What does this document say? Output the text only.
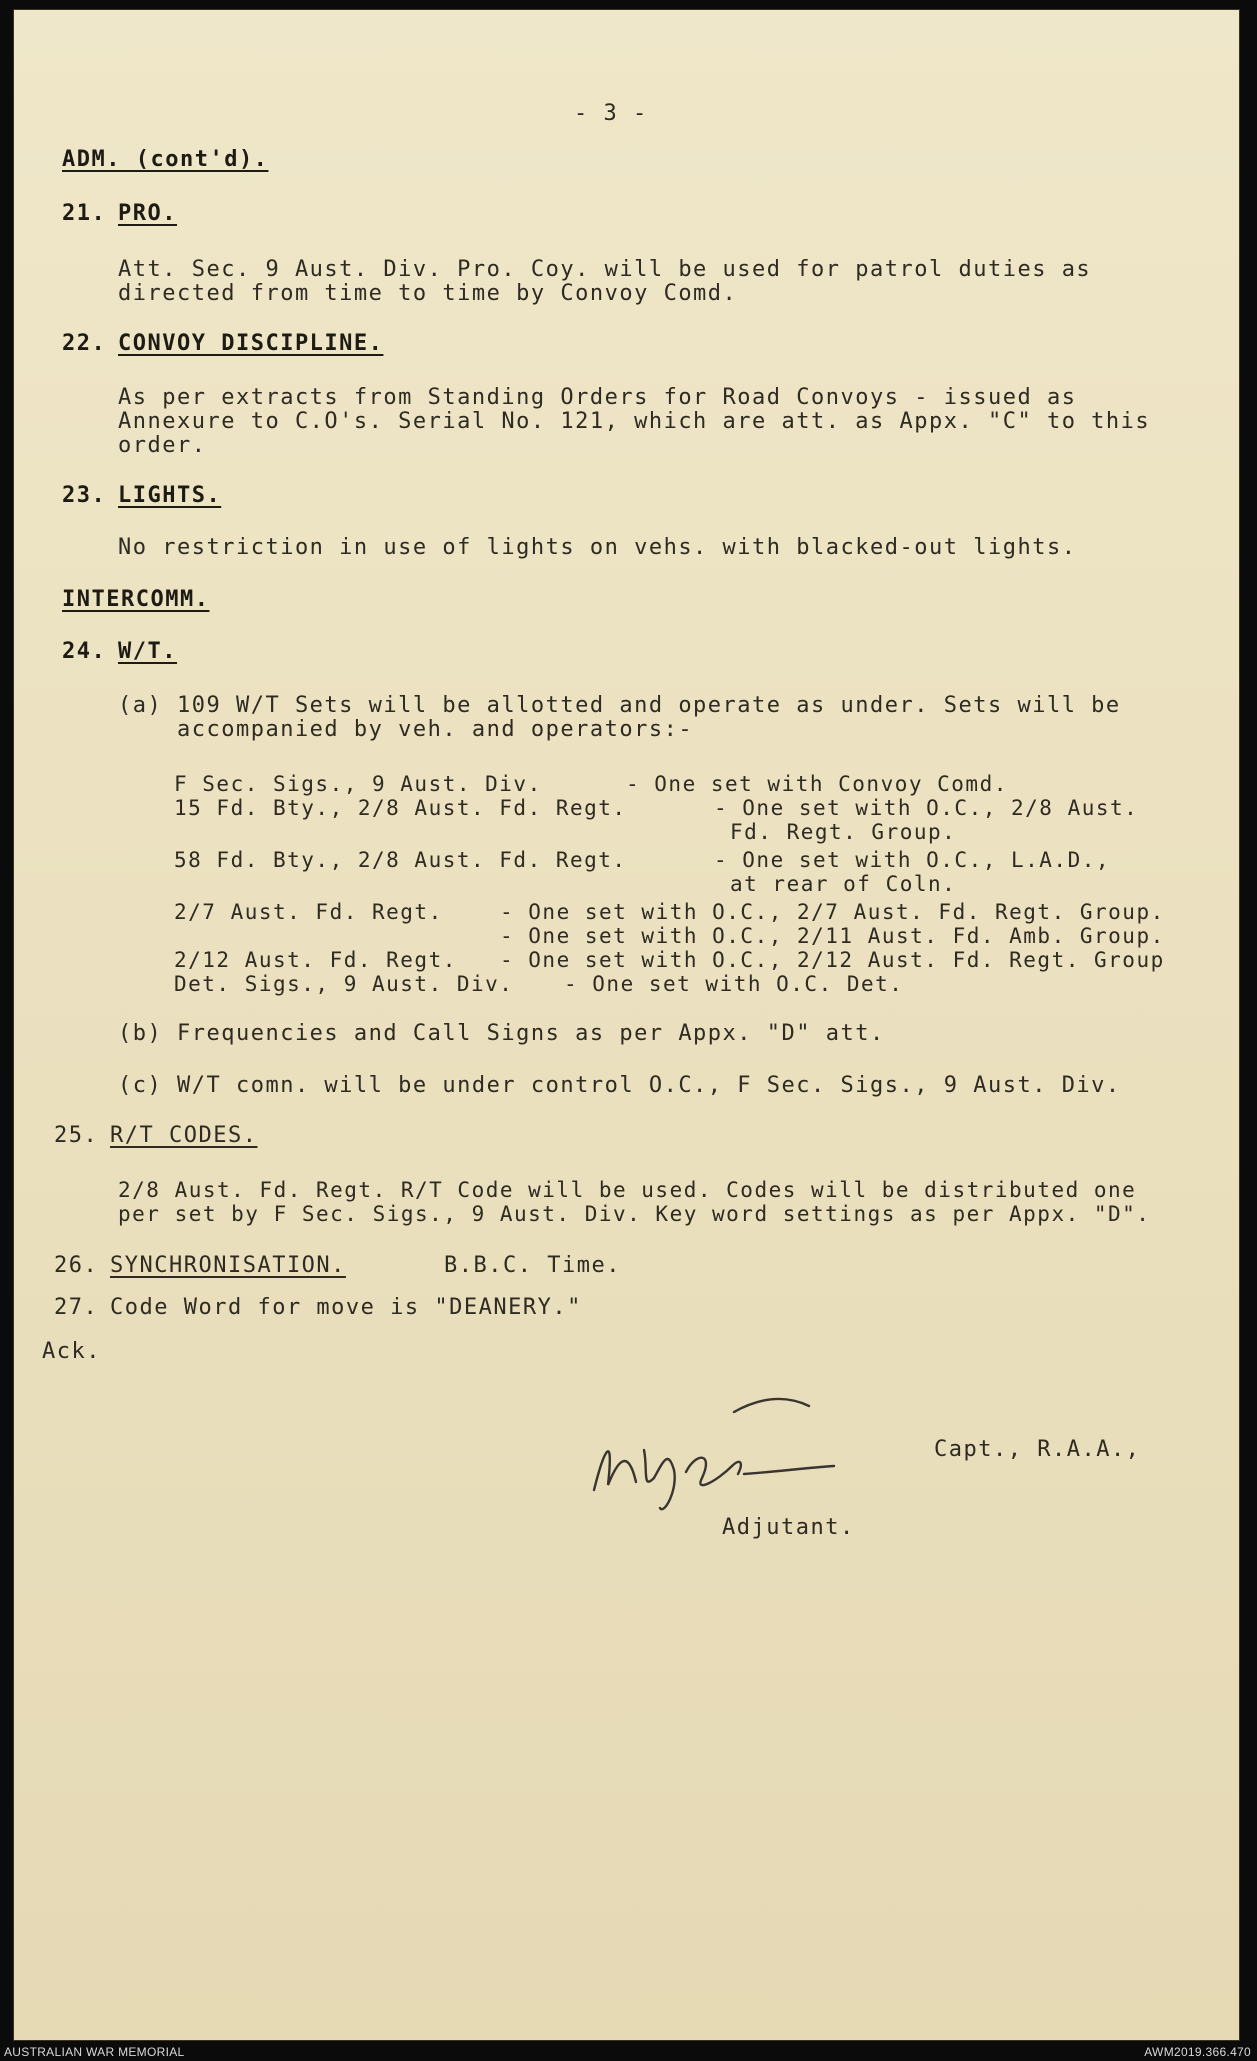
- 3 -

ADM. (cont'd).

21. PRO.

Att. Sec. 9 Aust. Div. Pro. Coy. will be used for patrol duties as

directed from time to time by Convoy Comd.

22. CONVOY DISCIPLINE.

As per extracts from Standing Orders for Road Convoys - issued as

Annexure to C.O's. Serial No. 121, which are att. as Appx. "C" to this

order.

23. LIGHTS.

No restriction in use of lights on vehs. with blacked-out lights.

INTERCOMM.

24. W/T.

(a) 109 W/T Sets will be allotted and operate as under. Sets will be

accompanied by veh. and operators:-

F Sec. Sigs., 9 Aust. Div.	- One set with Convoy Comd.

15 Fd. Bty., 2/8 Aust. Fd. Regt.	- One set with O.C., 2/8 Aust.

Fd. Regt. Group.

58 Fd. Bty., 2/8 Aust. Fd. Regt.	- One set with O.C., L.A.D.,

at rear of Coln.

2/7 Aust. Fd. Regt.	- One set with O.C., 2/7 Aust. Fd. Regt. Group.

- One set with O.C., 2/11 Aust. Fd. Amb. Group.

2/12 Aust. Fd. Regt. - One set with O.C., 2/12 Aust. Fd. Regt. Group

Det. Sigs., 9 Aust. Div. - One set with O.C. Det.

(b) Frequencies and Call Signs as per Appx. "D" att.

(c) W/T comn. will be under control O.C., F Sec. Sigs., 9 Aust. Div.

25. R/T CODES.

2/8 Aust. Fd. Regt. R/T Code will be used. Codes will be distributed one

per set by F Sec. Sigs., 9 Aust. Div. Key word settings as per Appx. "D".

26. SYNCHRONISATION.	B.B.C. Time.

27. Code Word for move is "DEANERY."

Ack.

Capt., R.A.A.,

Adjutant.

AUSTRALIAN WAR MEMORIAL	AWM2019.366.470
